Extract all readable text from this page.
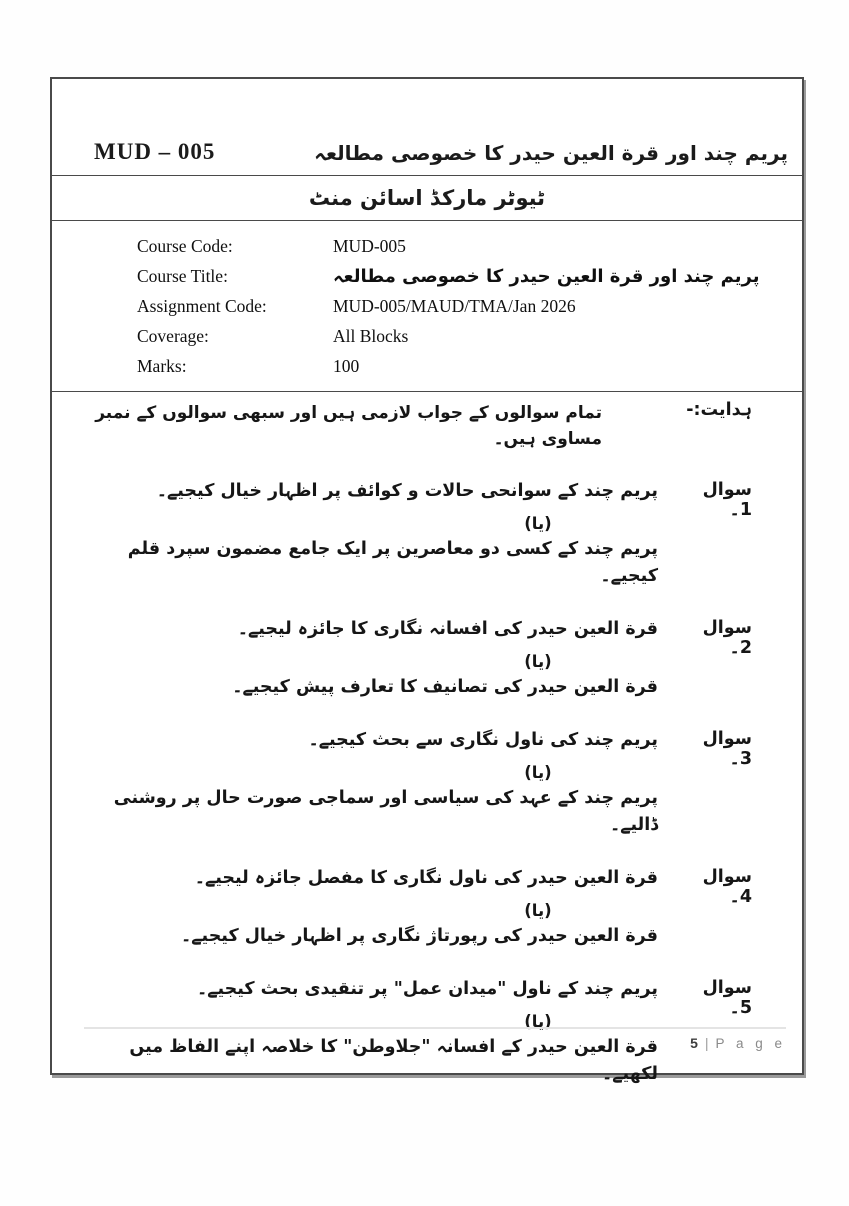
MUD – 005	پریم چند اور قرة العین حیدر کا خصوصی مطالعہ
ٹیوٹر مارکڈ اسائن منٹ
Course Code:	MUD-005
Course Title:	پریم چند اور قرة العین حیدر کا خصوصی مطالعہ
Assignment Code:	MUD-005/MAUD/TMA/Jan 2026
Coverage:	All Blocks
Marks:	100
ہدایت:-
تمام سوالوں کے جواب لازمی ہیں اور سبھی سوالوں کے نمبر مساوی ہیں۔
سوال 1۔
پریم چند کے سوانحی حالات و کوائف پر اظہار خیال کیجیے۔
(یا)
پریم چند کے کسی دو معاصرین پر ایک جامع مضمون سپرد قلم کیجیے۔
سوال 2۔
قرة العین حیدر کی افسانہ نگاری کا جائزہ لیجیے۔
(یا)
قرة العین حیدر کی تصانیف کا تعارف پیش کیجیے۔
سوال 3۔
پریم چند کی ناول نگاری سے بحث کیجیے۔
(یا)
پریم چند کے عہد کی سیاسی اور سماجی صورت حال پر روشنی ڈالیے۔
سوال 4۔
قرة العین حیدر کی ناول نگاری کا مفصل جائزہ لیجیے۔
(یا)
قرة العین حیدر کی رپورتاژ نگاری پر اظہار خیال کیجیے۔
سوال 5۔
پریم چند کے ناول "میدان عمل" پر تنقیدی بحث کیجیے۔
(یا)
قرة العین حیدر کے افسانہ "جلاوطن" کا خلاصہ اپنے الفاظ میں لکھیے۔
5 | P a g e
